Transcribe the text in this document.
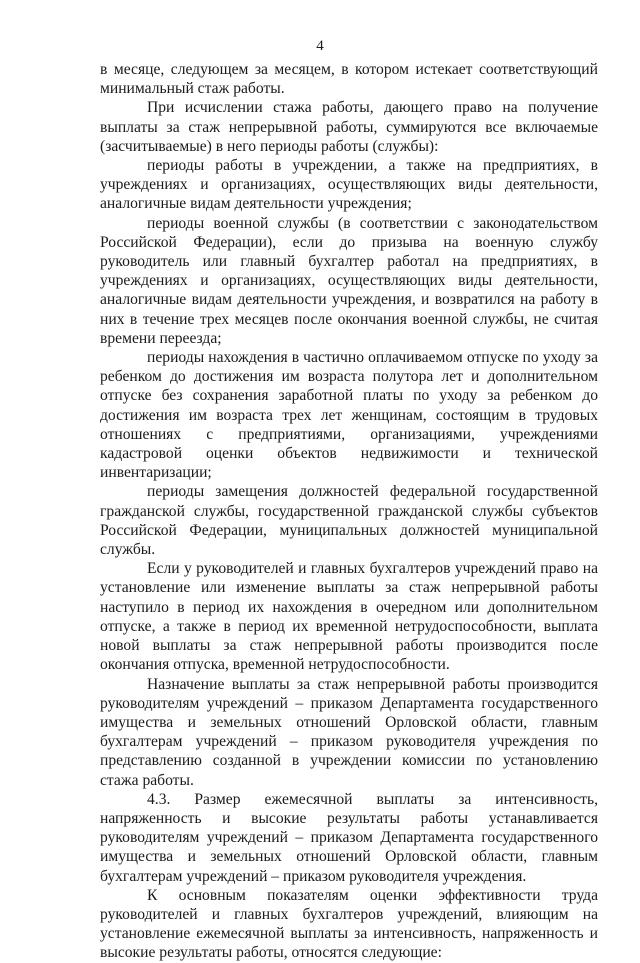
4

в месяце, следующем за месяцем, в котором истекает соответствующий минимальный стаж работы.

При исчислении стажа работы, дающего право на получение выплаты за стаж непрерывной работы, суммируются все включаемые (засчитываемые) в него периоды работы (службы):

периоды работы в учреждении, а также на предприятиях, в учреждениях и организациях, осуществляющих виды деятельности, аналогичные видам деятельности учреждения;

периоды военной службы (в соответствии с законодательством Российской Федерации), если до призыва на военную службу руководитель или главный бухгалтер работал на предприятиях, в учреждениях и организациях, осуществляющих виды деятельности, аналогичные видам деятельности учреждения, и возвратился на работу в них в течение трех месяцев после окончания военной службы, не считая времени переезда;

периоды нахождения в частично оплачиваемом отпуске по уходу за ребенком до достижения им возраста полутора лет и дополнительном отпуске без сохранения заработной платы по уходу за ребенком до достижения им возраста трех лет женщинам, состоящим в трудовых отношениях с предприятиями, организациями, учреждениями кадастровой оценки объектов недвижимости и технической инвентаризации;

периоды замещения должностей федеральной государственной гражданской службы, государственной гражданской службы субъектов Российской Федерации, муниципальных должностей муниципальной службы.

Если у руководителей и главных бухгалтеров учреждений право на установление или изменение выплаты за стаж непрерывной работы наступило в период их нахождения в очередном или дополнительном отпуске, а также в период их временной нетрудоспособности, выплата новой выплаты за стаж непрерывной работы производится после окончания отпуска, временной нетрудоспособности.

Назначение выплаты за стаж непрерывной работы производится руководителям учреждений – приказом Департамента государственного имущества и земельных отношений Орловской области, главным бухгалтерам учреждений – приказом руководителя учреждения по представлению созданной в учреждении комиссии по установлению стажа работы.

4.3. Размер ежемесячной выплаты за интенсивность, напряженность и высокие результаты работы устанавливается руководителям учреждений – приказом Департамента государственного имущества и земельных отношений Орловской области, главным бухгалтерам учреждений – приказом руководителя учреждения.

К основным показателям оценки эффективности труда руководителей и главных бухгалтеров учреждений, влияющим на установление ежемесячной выплаты за интенсивность, напряженность и высокие результаты работы, относятся следующие:
